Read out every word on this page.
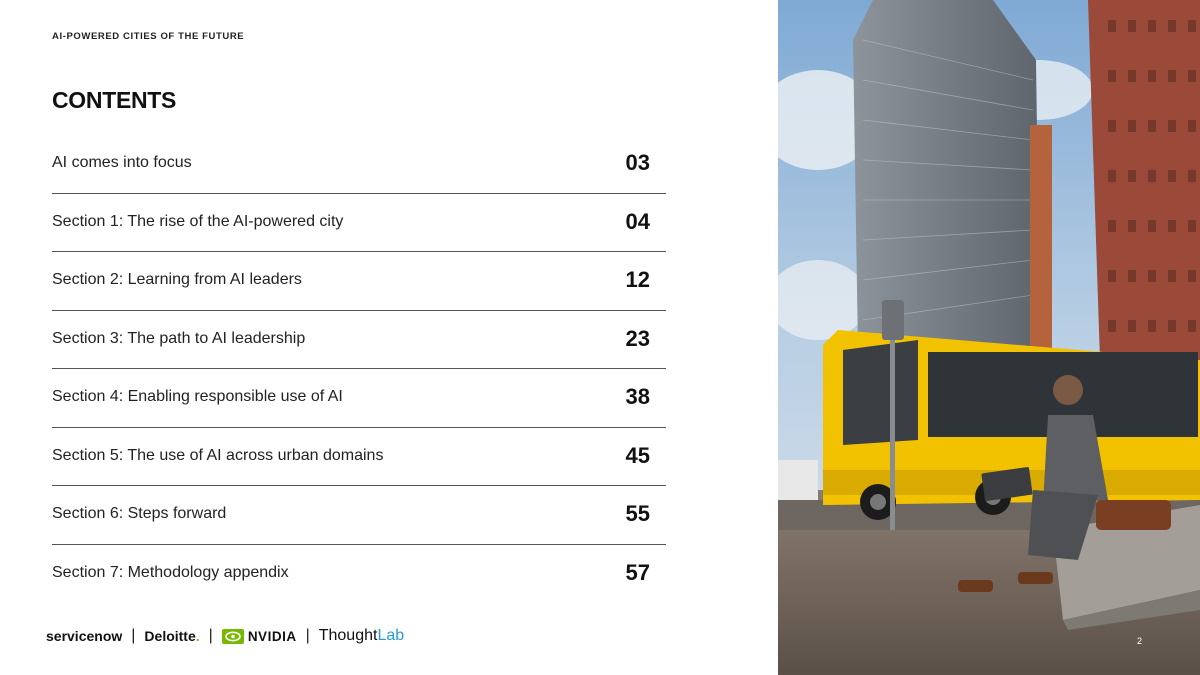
AI-POWERED CITIES OF THE FUTURE
CONTENTS
AI comes into focus	03
Section 1: The rise of the AI-powered city	04
Section 2: Learning from AI leaders	12
Section 3: The path to AI leadership	23
Section 4: Enabling responsible use of AI	38
Section 5: The use of AI across urban domains	45
Section 6: Steps forward	55
Section 7: Methodology appendix	57
servicenow | Deloitte . |	NVIDIA | Thought Lab	2
